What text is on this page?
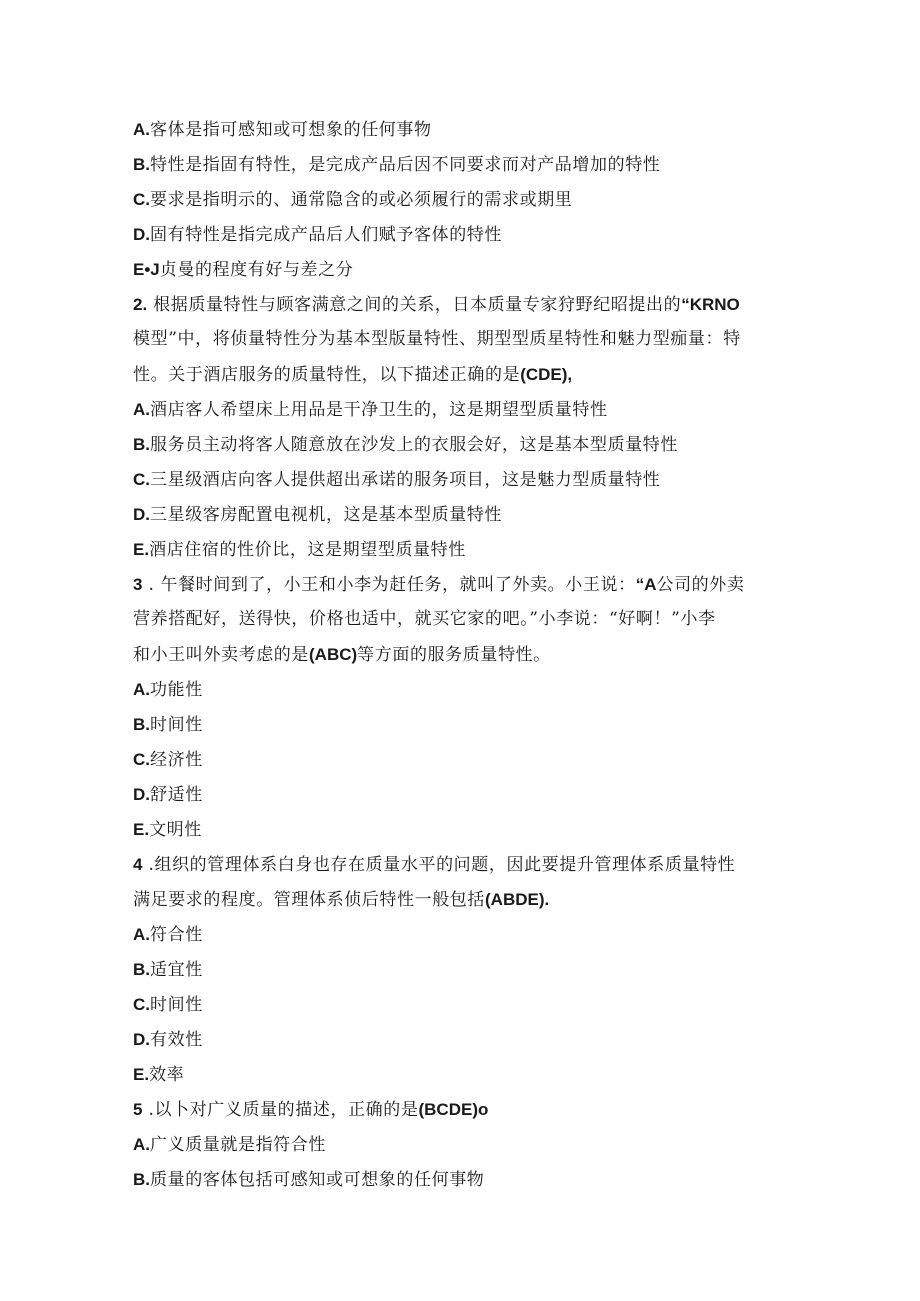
A.客体是指可感知或可想象的任何事物
B.特性是指固有特性，是完成产品后因不同要求而对产品增加的特性
C.要求是指明示的、通常隐含的或必须履行的需求或期里
D.固有特性是指完成产品后人们赋予客体的特性
E•J贞曼的程度有好与差之分
2. 根据质量特性与顾客满意之间的关系，日本质量专家狩野纪昭提出的“KRNO
模型”中，将侦量特性分为基本型版量特性、期型型质星特性和魅力型痂量：特
性。关于酒店服务的质量特性，以下描述正确的是(CDE),
A.酒店客人希望床上用品是干净卫生的，这是期望型质量特性
B.服务员主动将客人随意放在沙发上的衣服会好，这是基本型质量特性
C.三星级酒店向客人提供超出承诺的服务项目，这是魅力型质量特性
D.三星级客房配置电视机，这是基本型质量特性
E.酒店住宿的性价比，这是期望型质量特性
3 . 午餐时间到了，小王和小李为赶任务，就叫了外卖。小王说：“A公司的外卖
营养搭配好，送得快，价格也适中，就买它家的吧。”小李说：“好啊！”小李
和小王叫外卖考虑的是(ABC)等方面的服务质量特性。
A.功能性
B.时间性
C.经济性
D.舒适性
E.文明性
4 .组织的管理体系白身也存在质量水平的问题，因此要提升管理体系质量特性
满足要求的程度。管理体系侦后特性一般包括(ABDE).
A.符合性
B.适宜性
C.时间性
D.有效性
E.效率
5 .以卜对广义质量的描述，正确的是(BCDE)o
A.广义质量就是指符合性
B.质量的客体包括可感知或可想象的任何事物
